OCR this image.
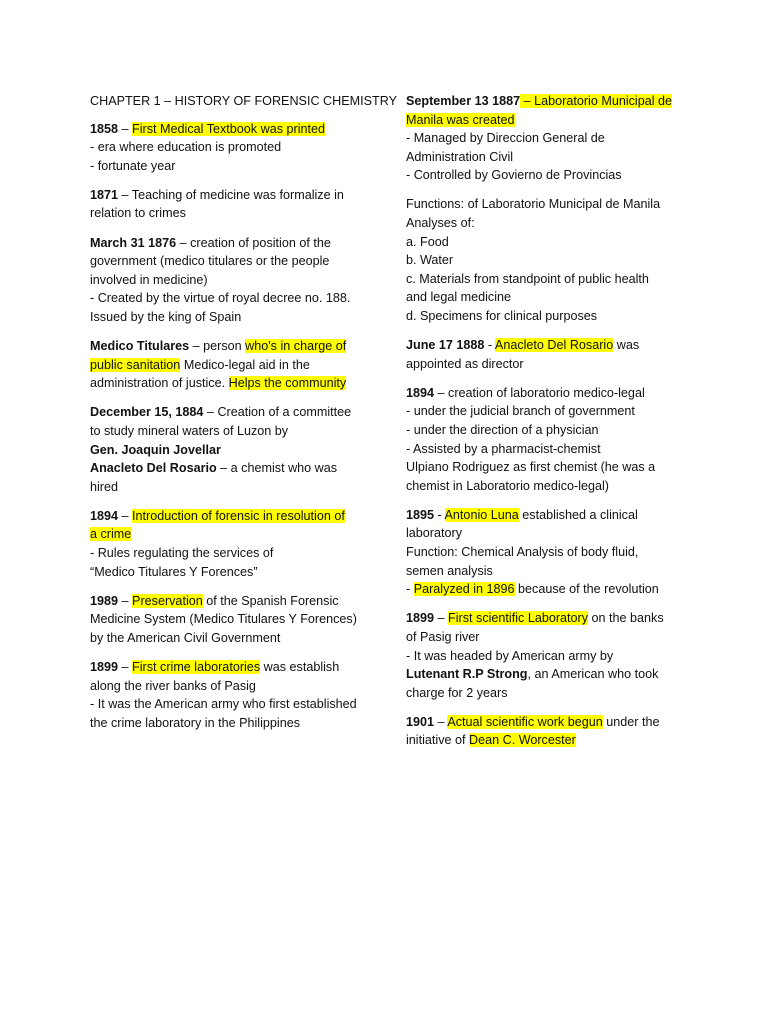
CHAPTER 1 – HISTORY OF FORENSIC CHEMISTRY
1858 – First Medical Textbook was printed
- era where education is promoted
- fortunate year
1871 – Teaching of medicine was formalize in
relation to crimes
March 31 1876 – creation of position of the
government (medico titulares or the people
involved in medicine)
- Created by the virtue of royal decree no. 188.
Issued by the king of Spain
Medico Titulares – person who's in charge of
public sanitation Medico-legal aid in the
administration of justice. Helps the community
December 15, 1884 – Creation of a committee
to study mineral waters of Luzon by
Gen. Joaquin Jovellar
Anacleto Del Rosario – a chemist who was
hired
1894 – Introduction of forensic in resolution of
a crime
- Rules regulating the services of
“Medico Titulares Y Forences”
1989 – Preservation of the Spanish Forensic
Medicine System (Medico Titulares Y Forences)
by the American Civil Government
1899 – First crime laboratories was establish
along the river banks of Pasig
- It was the American army who first established
the crime laboratory in the Philippines
September 13 1887 – Laboratorio Municipal de
Manila was created
- Managed by Direccion General de
Administration Civil
- Controlled by Govierno de Provincias
Functions: of Laboratorio Municipal de Manila
Analyses of:
a. Food
b. Water
c. Materials from standpoint of public health
and legal medicine
d. Specimens for clinical purposes
June 17 1888 - Anacleto Del Rosario was
appointed as director
1894 – creation of laboratorio medico-legal
- under the judicial branch of government
- under the direction of a physician
- Assisted by a pharmacist-chemist
Ulpiano Rodriguez as first chemist (he was a
chemist in Laboratorio medico-legal)
1895 - Antonio Luna established a clinical
laboratory
Function: Chemical Analysis of body fluid,
semen analysis
- Paralyzed in 1896 because of the revolution
1899 – First scientific Laboratory on the banks
of Pasig river
- It was headed by American army by
Lutenant R.P Strong, an American who took
charge for 2 years
1901 – Actual scientific work begun under the
initiative of Dean C. Worcester
